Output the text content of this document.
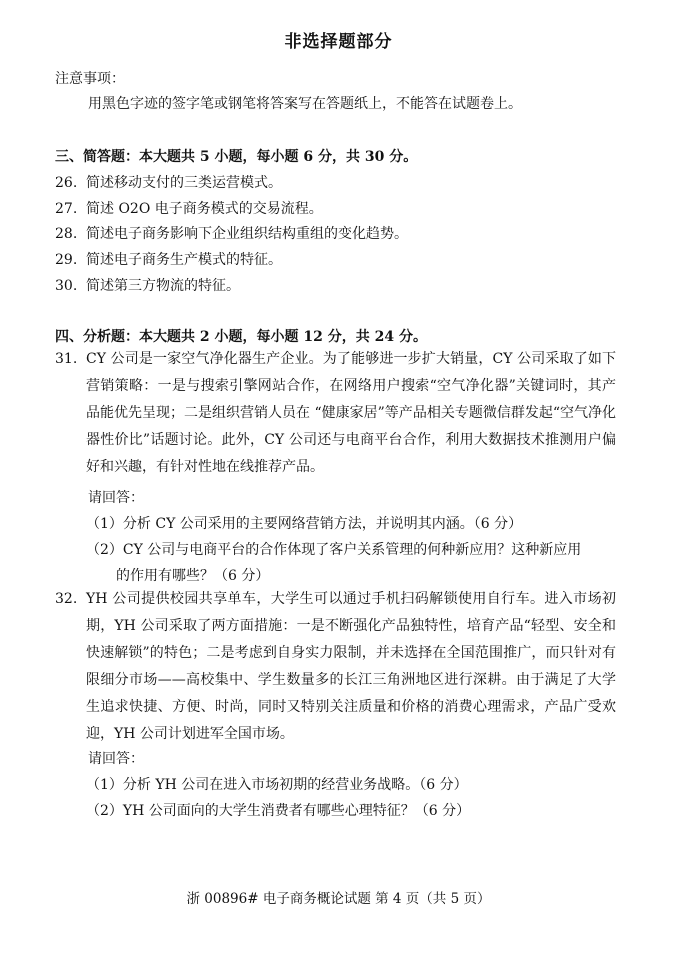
非选择题部分
注意事项：
用黑色字迹的签字笔或钢笔将答案写在答题纸上，不能答在试题卷上。
三、简答题：本大题共 5 小题，每小题 6 分，共 30 分。
26. 简述移动支付的三类运营模式。
27. 简述 O2O 电子商务模式的交易流程。
28. 简述电子商务影响下企业组织结构重组的变化趋势。
29. 简述电子商务生产模式的特征。
30. 简述第三方物流的特征。
四、分析题：本大题共 2 小题，每小题 12 分，共 24 分。
31. CY 公司是一家空气净化器生产企业。为了能够进一步扩大销量，CY 公司采取了如下营销策略：一是与搜索引擎网站合作，在网络用户搜索“空气净化器”关键词时，其产品能优先呈现；二是组织营销人员在 “健康家居”等产品相关专题微信群发起“空气净化器性价比”话题讨论。此外，CY 公司还与电商平台合作，利用大数据技术推测用户偏好和兴趣，有针对性地在线推荐产品。
请回答：
（1）分析 CY 公司采用的主要网络营销方法，并说明其内涵。（6 分）
（2）CY 公司与电商平台的合作体现了客户关系管理的何种新应用？这种新应用
的作用有哪些？（6 分）
32. YH 公司提供校园共享单车，大学生可以通过手机扫码解锁使用自行车。进入市场初期，YH 公司采取了两方面措施：一是不断强化产品独特性，培育产品“轻型、安全和快速解锁”的特色；二是考虑到自身实力限制，并未选择在全国范围推广，而只针对有限细分市场——高校集中、学生数量多的长江三角洲地区进行深耕。由于满足了大学生追求快捷、方便、时尚，同时又特别关注质量和价格的消费心理需求，产品广受欢迎，YH 公司计划进军全国市场。
请回答：
（1）分析 YH 公司在进入市场初期的经营业务战略。（6 分）
（2）YH 公司面向的大学生消费者有哪些心理特征？（6 分）
浙 00896# 电子商务概论试题 第 4 页（共 5 页）
